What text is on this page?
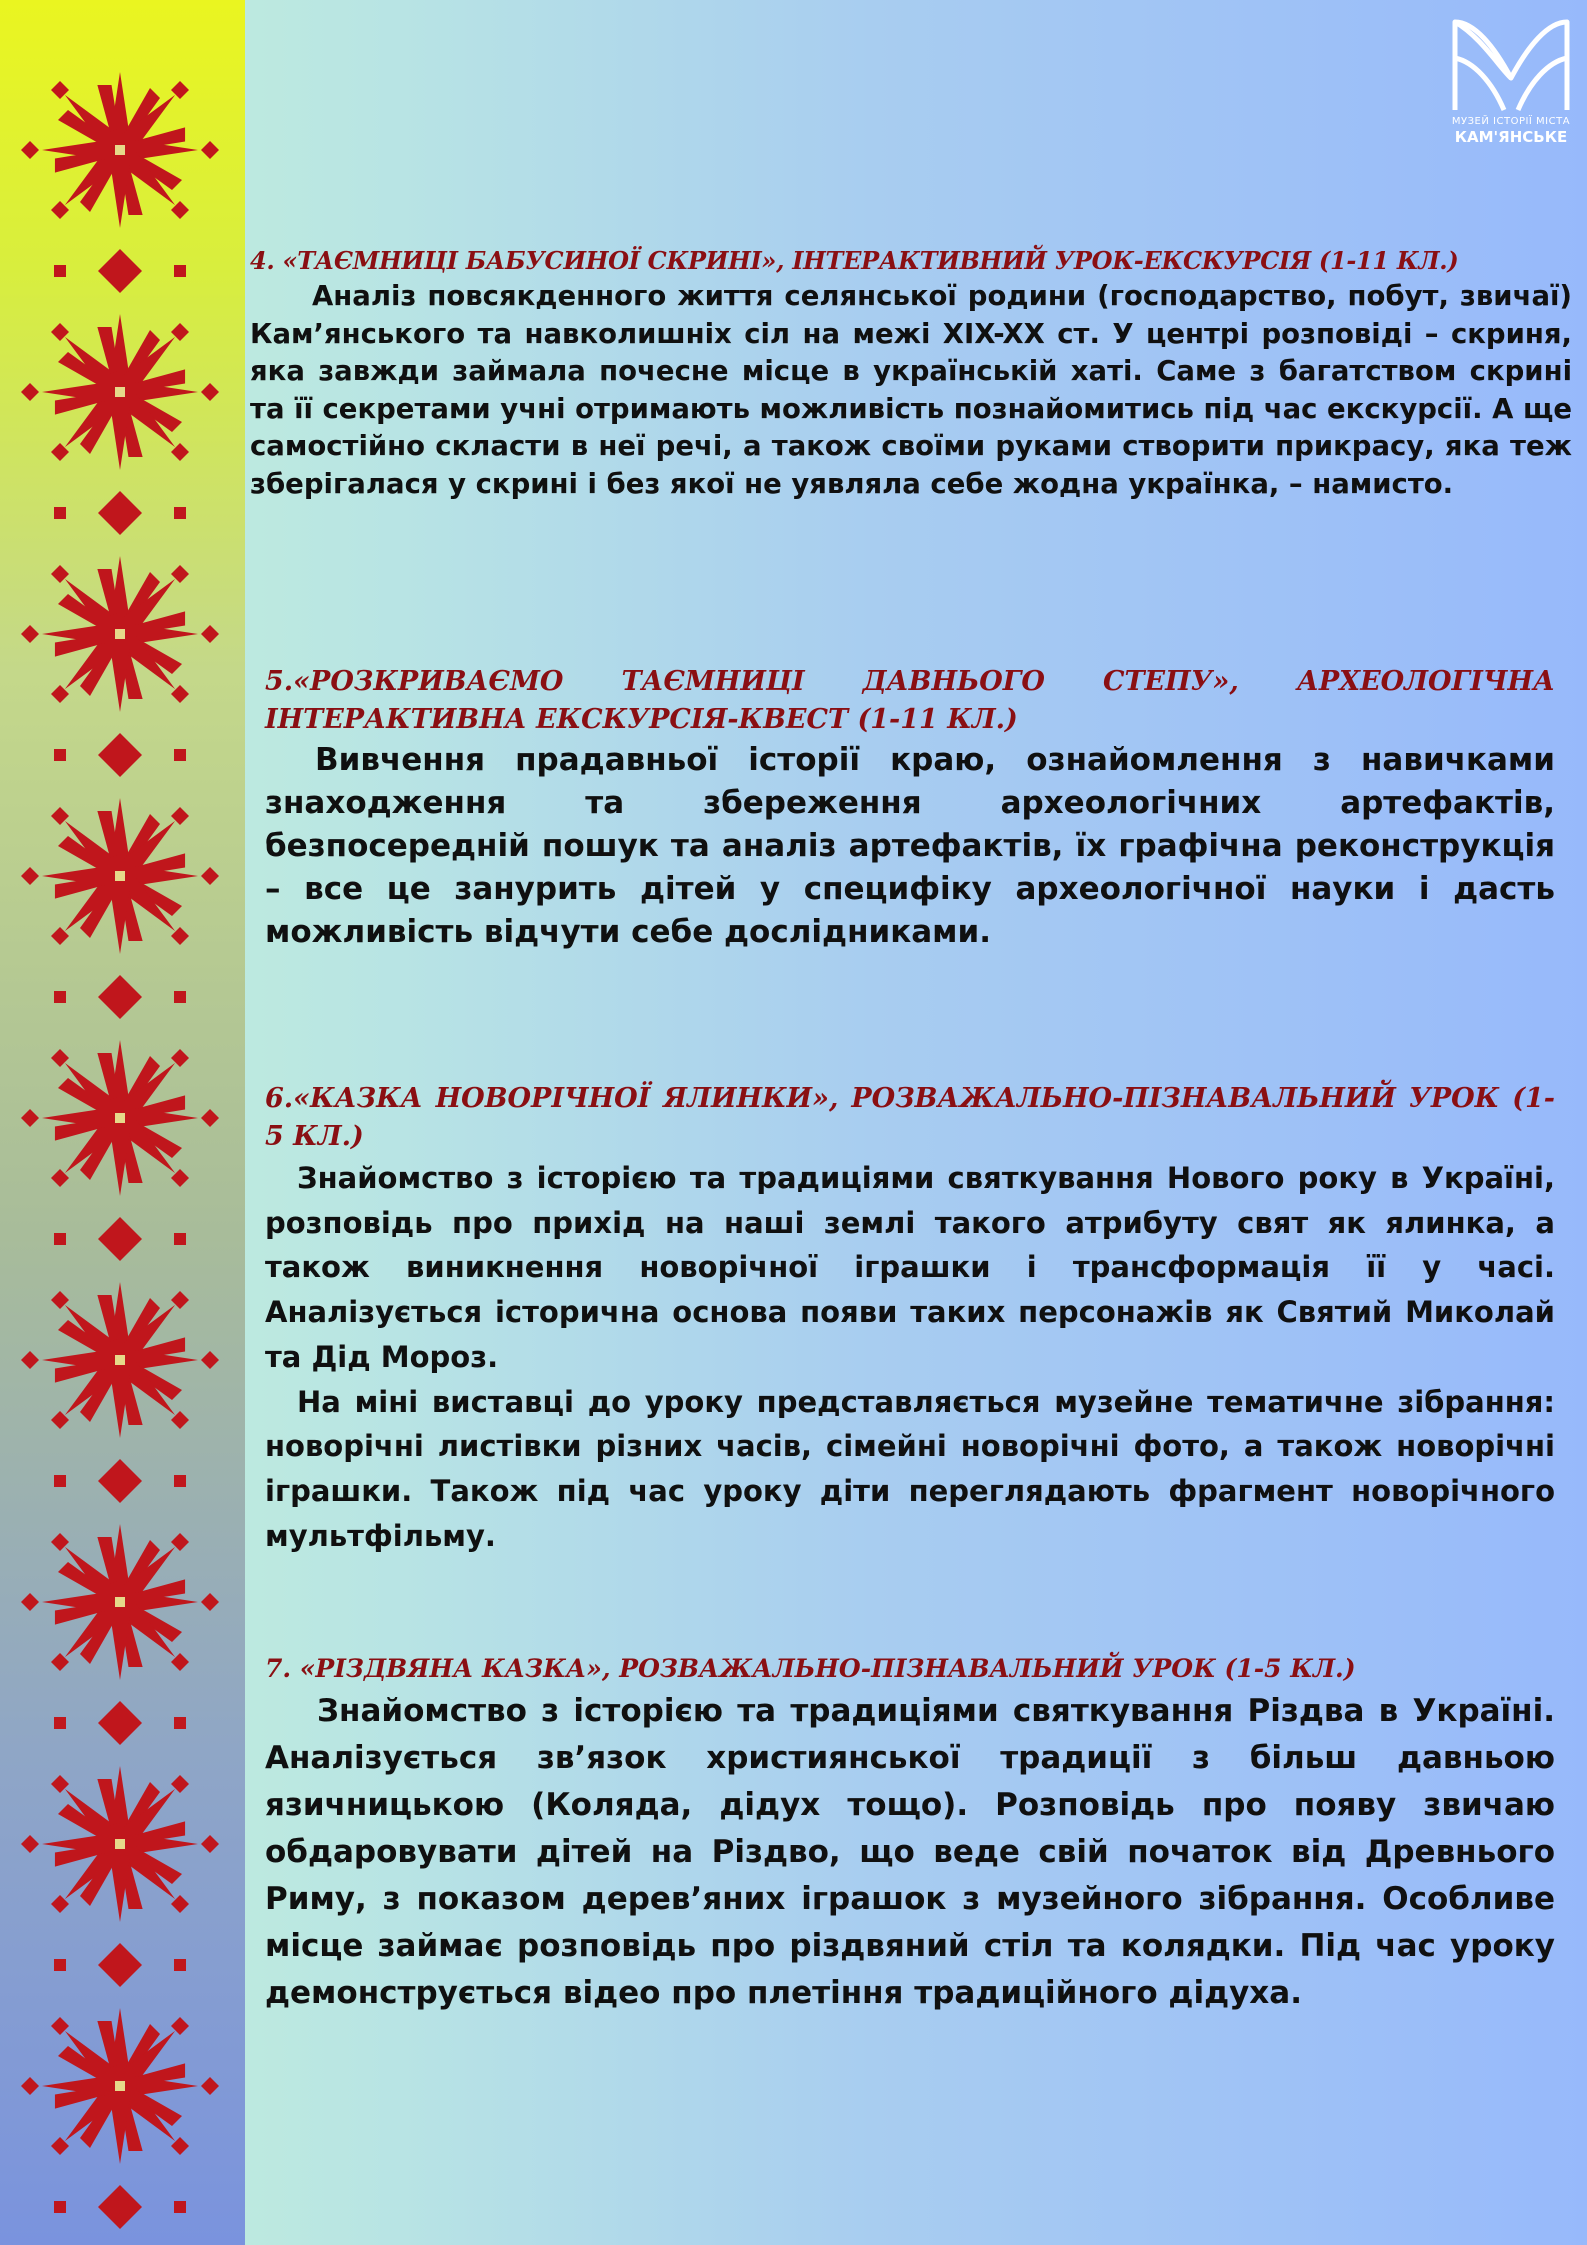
МУЗЕЙ ІСТОРІЇ МІСТА
КАМ'ЯНСЬКЕ
4. «ТАЄМНИЦІ БАБУСИНОЇ СКРИНІ», ІНТЕРАКТИВНИЙ УРОК-ЕКСКУРСІЯ (1-11 КЛ.)

Аналіз повсякденного життя селянської родини (господарство, побут, звичаї) Кам’янського та навколишніх сіл на межі XIX-XX ст. У центрі розповіді – скриня, яка завжди займала почесне місце в українській хаті. Саме з багатством скрині та її секретами учні отримають можливість познайомитись під час екскурсії. А ще самостійно скласти в неї речі, а також своїми руками створити прикрасу, яка теж зберігалася у скрині і без якої не уявляла себе жодна українка, – намисто.

5.«РОЗКРИВАЄМО ТАЄМНИЦІ ДАВНЬОГО СТЕПУ», АРХЕОЛОГІЧНА ІНТЕРАКТИВНА ЕКСКУРСІЯ-КВЕСТ (1-11 КЛ.)

Вивчення прадавньої історії краю, ознайомлення з навичками знаходження та збереження археологічних артефактів, безпосередній пошук та аналіз артефактів, їх графічна реконструкція – все це занурить дітей у специфіку археологічної науки і дасть можливість відчути себе дослідниками.

6.«КАЗКА НОВОРІЧНОЇ ЯЛИНКИ», РОЗВАЖАЛЬНО-ПІЗНАВАЛЬНИЙ УРОК (1-5 КЛ.)

Знайомство з історією та традиціями святкування Нового року в Україні, розповідь про прихід на наші землі такого атрибуту свят як ялинка, а також виникнення новорічної іграшки і трансформація її у часі. Аналізується історична основа появи таких персонажів як Святий Миколай та Дід Мороз.

На міні виставці до уроку представляється музейне тематичне зібрання: новорічні листівки різних часів, сімейні новорічні фото, а також новорічні іграшки. Також під час уроку діти переглядають фрагмент новорічного мультфільму.

7. «РІЗДВЯНА КАЗКА», РОЗВАЖАЛЬНО-ПІЗНАВАЛЬНИЙ УРОК (1-5 КЛ.)

Знайомство з історією та традиціями святкування Різдва в Україні. Аналізується зв’язок християнської традиції з більш давньою язичницькою (Коляда, дідух тощо). Розповідь про появу звичаю обдаровувати дітей на Різдво, що веде свій початок від Древнього Риму, з показом дерев’яних іграшок з музейного зібрання. Особливе місце займає розповідь про різдвяний стіл та колядки. Під час уроку демонструється відео про плетіння традиційного дідуха.
